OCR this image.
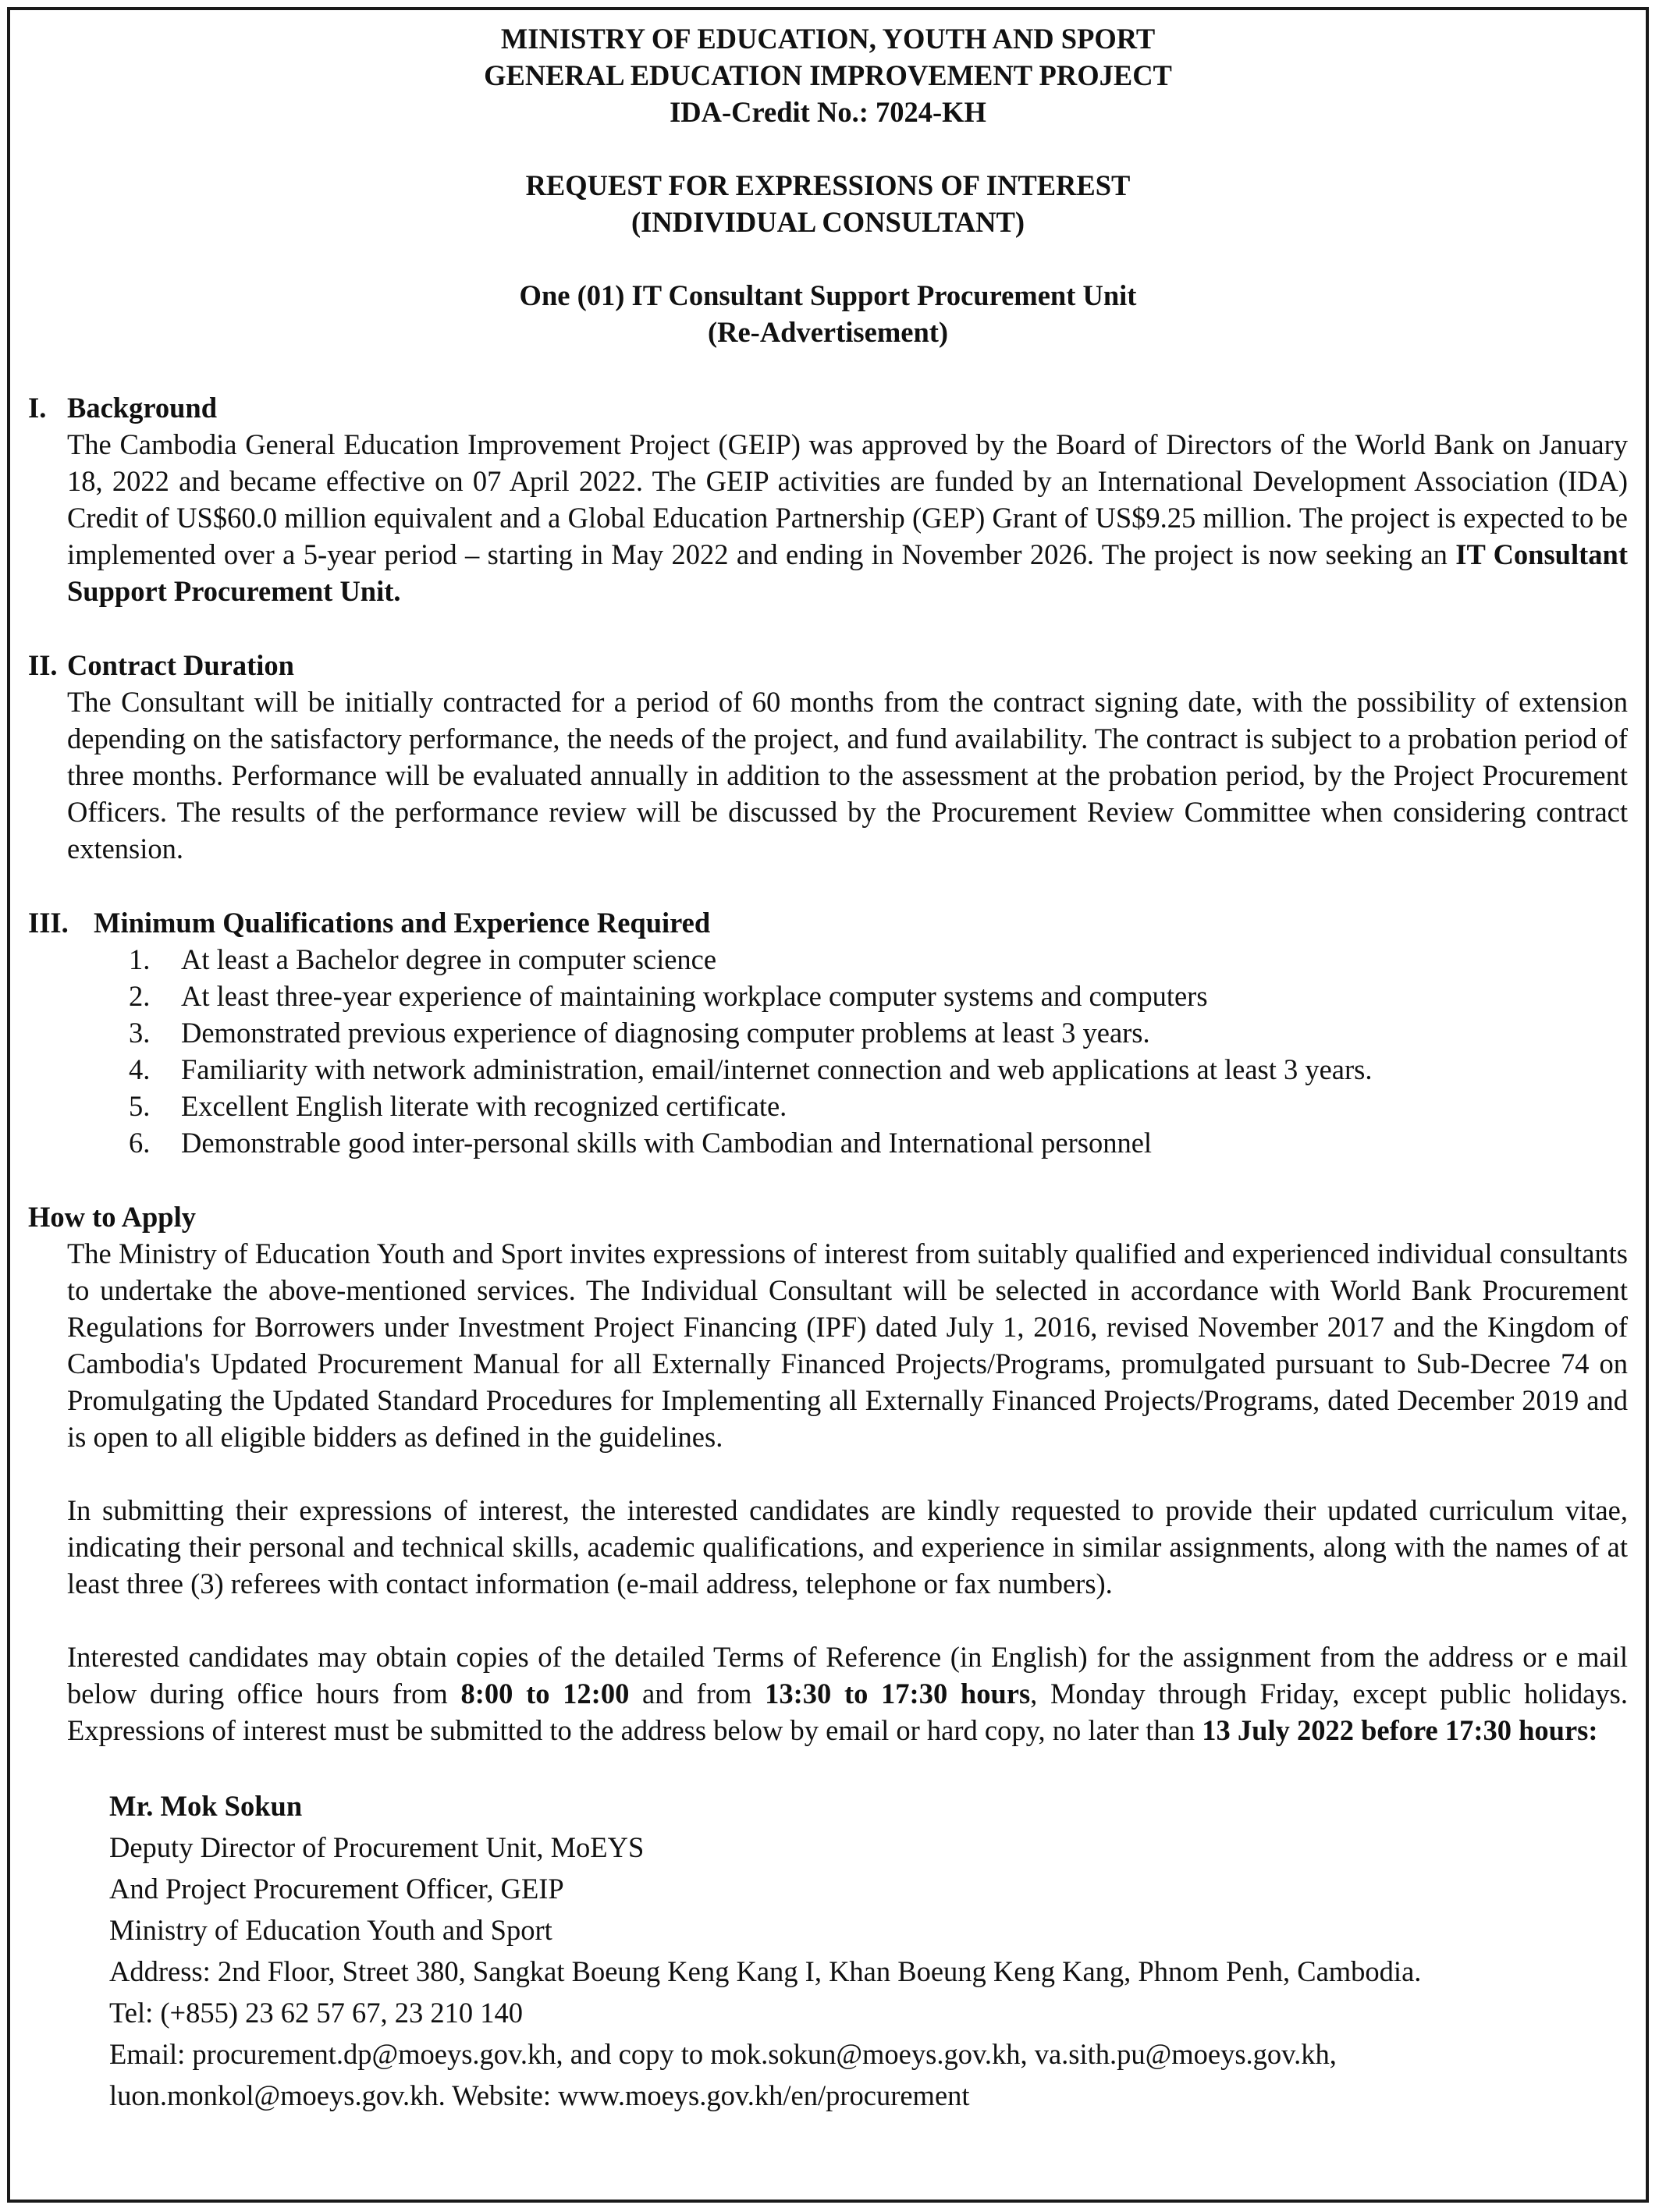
MINISTRY OF EDUCATION, YOUTH AND SPORT
GENERAL EDUCATION IMPROVEMENT PROJECT
IDA-Credit No.: 7024-KH
REQUEST FOR EXPRESSIONS OF INTEREST
(INDIVIDUAL CONSULTANT)
One (01) IT Consultant Support Procurement Unit
(Re-Advertisement)
I. Background
The Cambodia General Education Improvement Project (GEIP) was approved by the Board of Directors of the World Bank on January 18, 2022 and became effective on 07 April 2022. The GEIP activities are funded by an International Development Association (IDA) Credit of US$60.0 million equivalent and a Global Education Partnership (GEP) Grant of US$9.25 million. The project is expected to be implemented over a 5-year period – starting in May 2022 and ending in November 2026. The project is now seeking an IT Consultant Support Procurement Unit.
II. Contract Duration
The Consultant will be initially contracted for a period of 60 months from the contract signing date, with the possibility of extension depending on the satisfactory performance, the needs of the project, and fund availability. The contract is subject to a probation period of three months. Performance will be evaluated annually in addition to the assessment at the probation period, by the Project Procurement Officers. The results of the performance review will be discussed by the Procurement Review Committee when considering contract extension.
III. Minimum Qualifications and Experience Required
1.	At least a Bachelor degree in computer science
2.	At least three-year experience of maintaining workplace computer systems and computers
3.	Demonstrated previous experience of diagnosing computer problems at least 3 years.
4.	Familiarity with network administration, email/internet connection and web applications at least 3 years.
5.	Excellent English literate with recognized certificate.
6.	Demonstrable good inter-personal skills with Cambodian and International personnel
How to Apply
The Ministry of Education Youth and Sport invites expressions of interest from suitably qualified and experienced individual consultants to undertake the above-mentioned services. The Individual Consultant will be selected in accordance with World Bank Procurement Regulations for Borrowers under Investment Project Financing (IPF) dated July 1, 2016, revised November 2017 and the Kingdom of Cambodia's Updated Procurement Manual for all Externally Financed Projects/Programs, promulgated pursuant to Sub-Decree 74 on Promulgating the Updated Standard Procedures for Implementing all Externally Financed Projects/Programs, dated December 2019 and is open to all eligible bidders as defined in the guidelines.
In submitting their expressions of interest, the interested candidates are kindly requested to provide their updated curriculum vitae, indicating their personal and technical skills, academic qualifications, and experience in similar assignments, along with the names of at least three (3) referees with contact information (e-mail address, telephone or fax numbers).
Interested candidates may obtain copies of the detailed Terms of Reference (in English) for the assignment from the address or e mail below during office hours from 8:00 to 12:00 and from 13:30 to 17:30 hours, Monday through Friday, except public holidays. Expressions of interest must be submitted to the address below by email or hard copy, no later than 13 July 2022 before 17:30 hours:
Mr. Mok Sokun
Deputy Director of Procurement Unit, MoEYS
And Project Procurement Officer, GEIP
Ministry of Education Youth and Sport
Address: 2nd Floor, Street 380, Sangkat Boeung Keng Kang I, Khan Boeung Keng Kang, Phnom Penh, Cambodia.
Tel: (+855) 23 62 57 67, 23 210 140
Email: procurement.dp@moeys.gov.kh, and copy to mok.sokun@moeys.gov.kh, va.sith.pu@moeys.gov.kh,
luon.monkol@moeys.gov.kh. Website: www.moeys.gov.kh/en/procurement
